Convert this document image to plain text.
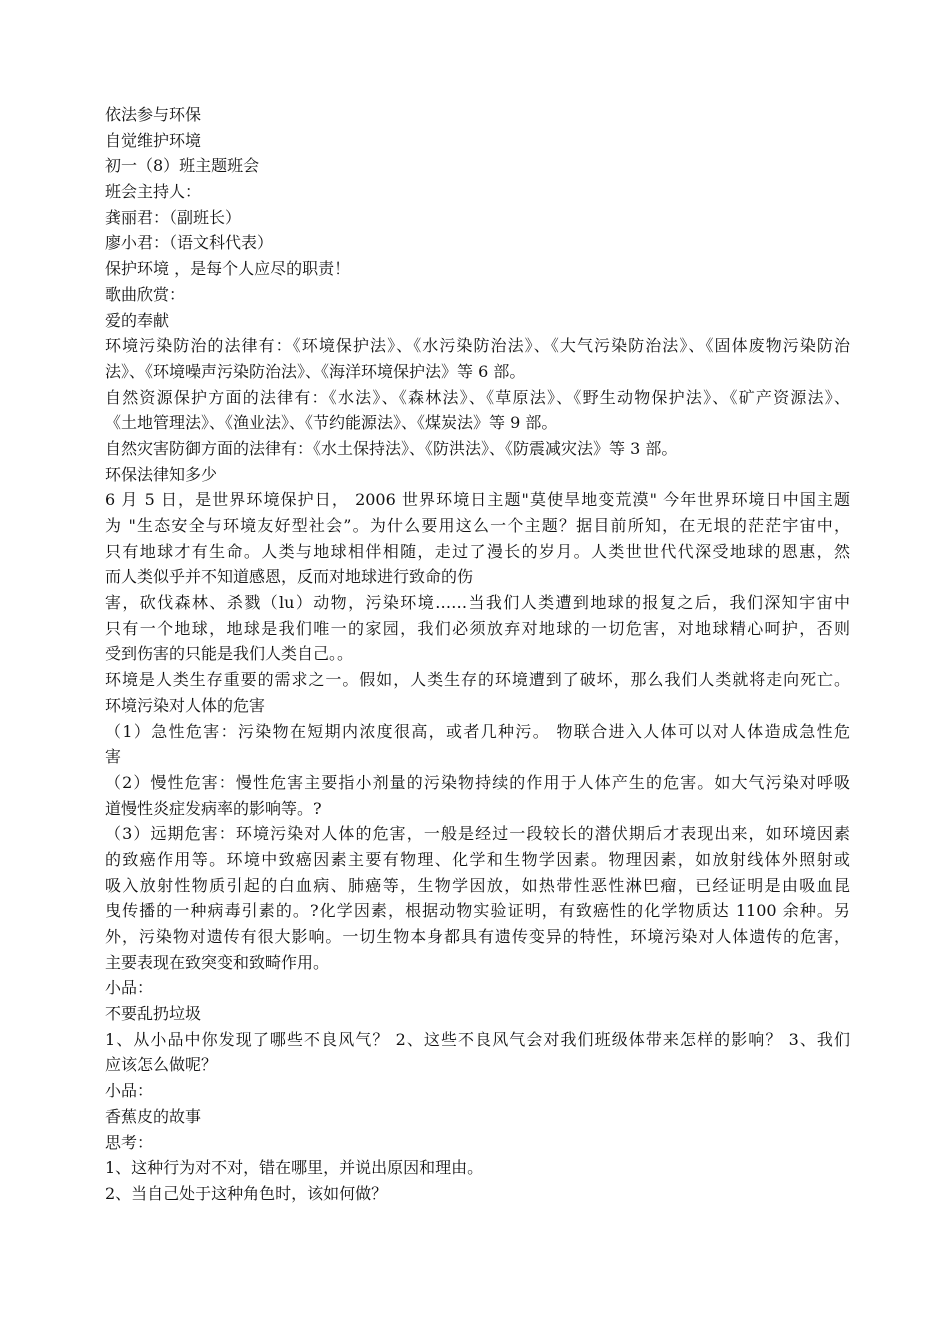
依法参与环保

自觉维护环境

初一（8）班主题班会

班会主持人：

龚丽君：（副班长）

廖小君：（语文科代表）

保护环境 ，是每个人应尽的职责！

歌曲欣赏：

爱的奉献

环境污染防治的法律有：《环境保护法》、《水污染防治法》、《大气污染防治法》、《固体废物污染防治

法》、《环境噪声污染防治法》、《海洋环境保护法》等 6 部。

自然资源保护方面的法律有：《水法》、《森林法》、《草原法》、《野生动物保护法》、《矿产资源法》、

《土地管理法》、《渔业法》、《节约能源法》、《煤炭法》等 9 部。

自然灾害防御方面的法律有：《水土保持法》、《防洪法》、《防震减灾法》等 3 部。

环保法律知多少

6 月 5 日，是世界环境保护日， 2006 世界环境日主题"莫使旱地变荒漠" 今年世界环境日中国主题

为 "生态安全与环境友好型社会”。为什么要用这么一个主题？据目前所知，在无垠的茫茫宇宙中，

只有地球才有生命。人类与地球相伴相随，走过了漫长的岁月。人类世世代代深受地球的恩惠，然

而人类似乎并不知道感恩，反而对地球进行致命的伤

害，砍伐森林、杀戮（lu）动物，污染环境……当我们人类遭到地球的报复之后，我们深知宇宙中

只有一个地球，地球是我们唯一的家园，我们必须放弃对地球的一切危害，对地球精心呵护，否则

受到伤害的只能是我们人类自己。。

环境是人类生存重要的需求之一。假如，人类生存的环境遭到了破坏，那么我们人类就将走向死亡。

环境污染对人体的危害

（1）急性危害：污染物在短期内浓度很高，或者几种污。 物联合进入人体可以对人体造成急性危

害

（2）慢性危害：慢性危害主要指小剂量的污染物持续的作用于人体产生的危害。如大气污染对呼吸

道慢性炎症发病率的影响等。?

（3）远期危害：环境污染对人体的危害，一般是经过一段较长的潜伏期后才表现出来，如环境因素

的致癌作用等。环境中致癌因素主要有物理、化学和生物学因素。物理因素，如放射线体外照射或

吸入放射性物质引起的白血病、肺癌等，生物学因放，如热带性恶性淋巴瘤，已经证明是由吸血昆

曳传播的一种病毒引素的。?化学因素，根据动物实验证明，有致癌性的化学物质达 1100 余种。另

外，污染物对遗传有很大影响。一切生物本身都具有遗传变异的特性，环境污染对人体遗传的危害，

主要表现在致突变和致畸作用。

小品：

不要乱扔垃圾

1、从小品中你发现了哪些不良风气？ 2、这些不良风气会对我们班级体带来怎样的影响？ 3、我们

应该怎么做呢？

小品：

香蕉皮的故事

思考：

1、这种行为对不对，错在哪里，并说出原因和理由。

2、当自己处于这种角色时，该如何做？
